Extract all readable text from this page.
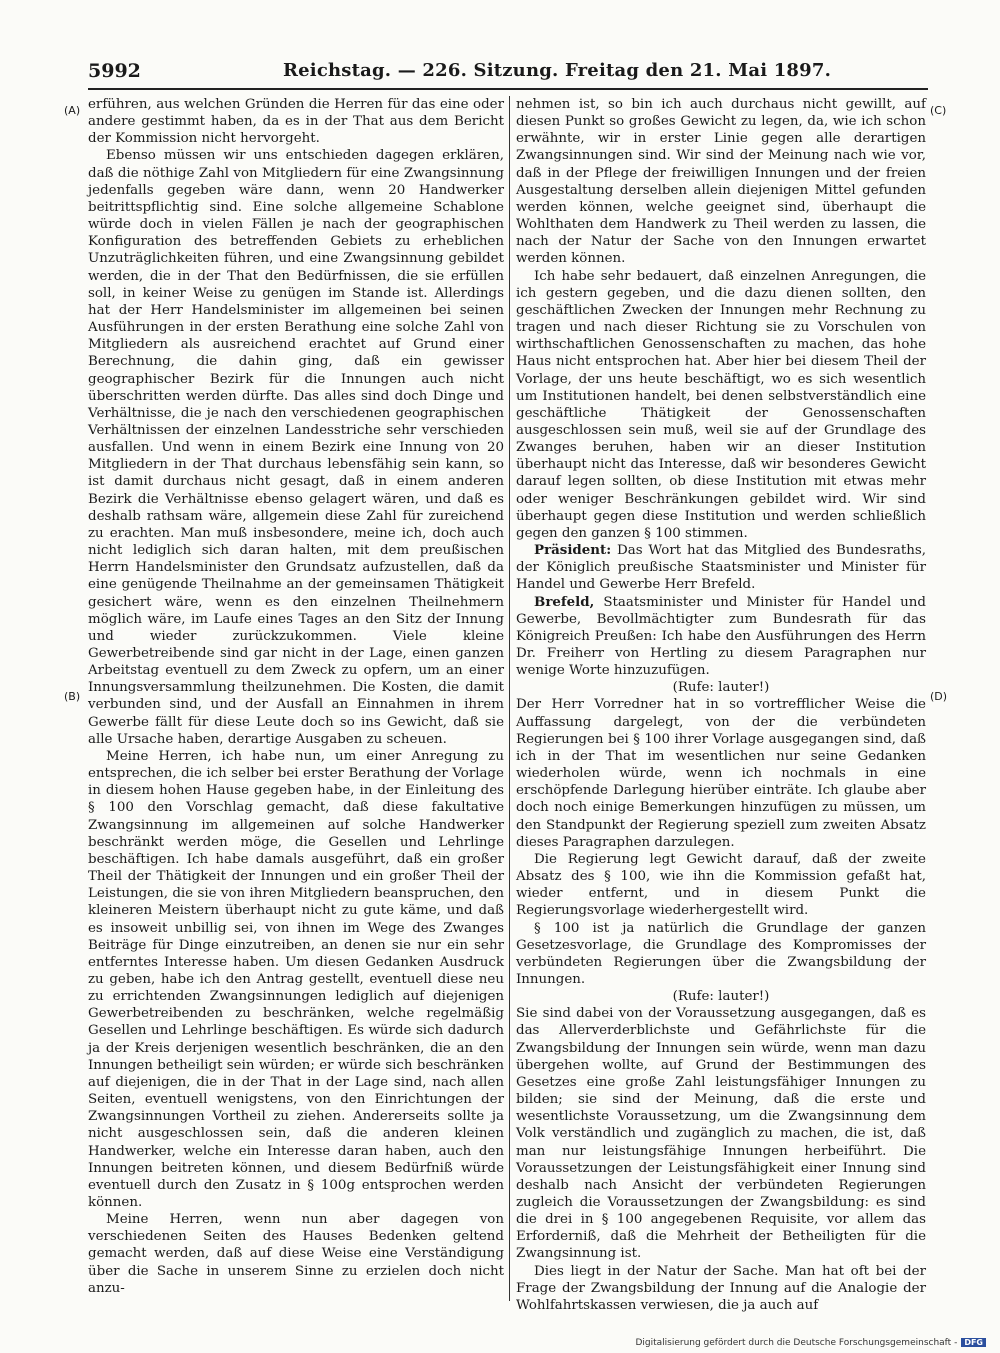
5992	Reichstag. — 226. Sitzung. Freitag den 21. Mai 1897.
(A)
(B)
(C)
(D)

erführen, aus welchen Gründen die Herren für das eine oder andere gestimmt haben, da es in der That aus dem Bericht der Kommission nicht hervorgeht.

Ebenso müssen wir uns entschieden dagegen erklären, daß die nöthige Zahl von Mitgliedern für eine Zwangsinnung jedenfalls gegeben wäre dann, wenn 20 Handwerker beitrittspflichtig sind. Eine solche allgemeine Schablone würde doch in vielen Fällen je nach der geographischen Konfiguration des betreffenden Gebiets zu erheblichen Unzuträglichkeiten führen, und eine Zwangsinnung gebildet werden, die in der That den Bedürfnissen, die sie erfüllen soll, in keiner Weise zu genügen im Stande ist. Allerdings hat der Herr Handelsminister im allgemeinen bei seinen Ausführungen in der ersten Berathung eine solche Zahl von Mitgliedern als ausreichend erachtet auf Grund einer Berechnung, die dahin ging, daß ein gewisser geographischer Bezirk für die Innungen auch nicht überschritten werden dürfte. Das alles sind doch Dinge und Verhältnisse, die je nach den verschiedenen geographischen Verhältnissen der einzelnen Landesstriche sehr verschieden ausfallen. Und wenn in einem Bezirk eine Innung von 20 Mitgliedern in der That durchaus lebensfähig sein kann, so ist damit durchaus nicht gesagt, daß in einem anderen Bezirk die Verhältnisse ebenso gelagert wären, und daß es deshalb rathsam wäre, allgemein diese Zahl für zureichend zu erachten. Man muß insbesondere, meine ich, doch auch nicht lediglich sich daran halten, mit dem preußischen Herrn Handelsminister den Grundsatz aufzustellen, daß da eine genügende Theilnahme an der gemeinsamen Thätigkeit gesichert wäre, wenn es den einzelnen Theilnehmern möglich wäre, im Laufe eines Tages an den Sitz der Innung und wieder zurückzukommen. Viele kleine Gewerbetreibende sind gar nicht in der Lage, einen ganzen Arbeitstag eventuell zu dem Zweck zu opfern, um an einer Innungsversammlung theilzunehmen. Die Kosten, die damit verbunden sind, und der Ausfall an Einnahmen in ihrem Gewerbe fällt für diese Leute doch so ins Gewicht, daß sie alle Ursache haben, derartige Ausgaben zu scheuen.

Meine Herren, ich habe nun, um einer Anregung zu entsprechen, die ich selber bei erster Berathung der Vorlage in diesem hohen Hause gegeben habe, in der Einleitung des § 100 den Vorschlag gemacht, daß diese fakultative Zwangsinnung im allgemeinen auf solche Handwerker beschränkt werden möge, die Gesellen und Lehrlinge beschäftigen. Ich habe damals ausgeführt, daß ein großer Theil der Thätigkeit der Innungen und ein großer Theil der Leistungen, die sie von ihren Mitgliedern beanspruchen, den kleineren Meistern überhaupt nicht zu gute käme, und daß es insoweit unbillig sei, von ihnen im Wege des Zwanges Beiträge für Dinge einzutreiben, an denen sie nur ein sehr entferntes Interesse haben. Um diesen Gedanken Ausdruck zu geben, habe ich den Antrag gestellt, eventuell diese neu zu errichtenden Zwangsinnungen lediglich auf diejenigen Gewerbetreibenden zu beschränken, welche regelmäßig Gesellen und Lehrlinge beschäftigen. Es würde sich dadurch ja der Kreis derjenigen wesentlich beschränken, die an den Innungen betheiligt sein würden; er würde sich beschränken auf diejenigen, die in der That in der Lage sind, nach allen Seiten, eventuell wenigstens, von den Einrichtungen der Zwangsinnungen Vortheil zu ziehen. Andererseits sollte ja nicht ausgeschlossen sein, daß die anderen kleinen Handwerker, welche ein Interesse daran haben, auch den Innungen beitreten können, und diesem Bedürfniß würde eventuell durch den Zusatz in § 100g entsprochen werden können.

Meine Herren, wenn nun aber dagegen von verschiedenen Seiten des Hauses Bedenken geltend gemacht werden, daß auf diese Weise eine Verständigung über die Sache in unserem Sinne zu erzielen doch nicht anzu-

nehmen ist, so bin ich auch durchaus nicht gewillt, auf diesen Punkt so großes Gewicht zu legen, da, wie ich schon erwähnte, wir in erster Linie gegen alle derartigen Zwangsinnungen sind. Wir sind der Meinung nach wie vor, daß in der Pflege der freiwilligen Innungen und der freien Ausgestaltung derselben allein diejenigen Mittel gefunden werden können, welche geeignet sind, überhaupt die Wohlthaten dem Handwerk zu Theil werden zu lassen, die nach der Natur der Sache von den Innungen erwartet werden können.

Ich habe sehr bedauert, daß einzelnen Anregungen, die ich gestern gegeben, und die dazu dienen sollten, den geschäftlichen Zwecken der Innungen mehr Rechnung zu tragen und nach dieser Richtung sie zu Vorschulen von wirthschaftlichen Genossenschaften zu machen, das hohe Haus nicht entsprochen hat. Aber hier bei diesem Theil der Vorlage, der uns heute beschäftigt, wo es sich wesentlich um Institutionen handelt, bei denen selbstverständlich eine geschäftliche Thätigkeit der Genossenschaften ausgeschlossen sein muß, weil sie auf der Grundlage des Zwanges beruhen, haben wir an dieser Institution überhaupt nicht das Interesse, daß wir besonderes Gewicht darauf legen sollten, ob diese Institution mit etwas mehr oder weniger Beschränkungen gebildet wird. Wir sind überhaupt gegen diese Institution und werden schließlich gegen den ganzen § 100 stimmen.

Präsident: Das Wort hat das Mitglied des Bundesraths, der Königlich preußische Staatsminister und Minister für Handel und Gewerbe Herr Brefeld.

Brefeld, Staatsminister und Minister für Handel und Gewerbe, Bevollmächtigter zum Bundesrath für das Königreich Preußen: Ich habe den Ausführungen des Herrn Dr. Freiherr von Hertling zu diesem Paragraphen nur wenige Worte hinzuzufügen.

(Rufe: lauter!)

Der Herr Vorredner hat in so vortrefflicher Weise die Auffassung dargelegt, von der die verbündeten Regierungen bei § 100 ihrer Vorlage ausgegangen sind, daß ich in der That im wesentlichen nur seine Gedanken wiederholen würde, wenn ich nochmals in eine erschöpfende Darlegung hierüber einträte. Ich glaube aber doch noch einige Bemerkungen hinzufügen zu müssen, um den Standpunkt der Regierung speziell zum zweiten Absatz dieses Paragraphen darzulegen.

Die Regierung legt Gewicht darauf, daß der zweite Absatz des § 100, wie ihn die Kommission gefaßt hat, wieder entfernt, und in diesem Punkt die Regierungsvorlage wiederhergestellt wird.

§ 100 ist ja natürlich die Grundlage der ganzen Gesetzesvorlage, die Grundlage des Kompromisses der verbündeten Regierungen über die Zwangsbildung der Innungen.

(Rufe: lauter!)

Sie sind dabei von der Voraussetzung ausgegangen, daß es das Allerverderblichste und Gefährlichste für die Zwangsbildung der Innungen sein würde, wenn man dazu übergehen wollte, auf Grund der Bestimmungen des Gesetzes eine große Zahl leistungsfähiger Innungen zu bilden; sie sind der Meinung, daß die erste und wesentlichste Voraussetzung, um die Zwangsinnung dem Volk verständlich und zugänglich zu machen, die ist, daß man nur leistungsfähige Innungen herbeiführt. Die Voraussetzungen der Leistungsfähigkeit einer Innung sind deshalb nach Ansicht der verbündeten Regierungen zugleich die Voraussetzungen der Zwangsbildung: es sind die drei in § 100 angegebenen Requisite, vor allem das Erforderniß, daß die Mehrheit der Betheiligten für die Zwangsinnung ist.

Dies liegt in der Natur der Sache. Man hat oft bei der Frage der Zwangsbildung der Innung auf die Analogie der Wohlfahrtskassen verwiesen, die ja auch auf

Digitalisierung gefördert durch die Deutsche Forschungsgemeinschaft - DFG
